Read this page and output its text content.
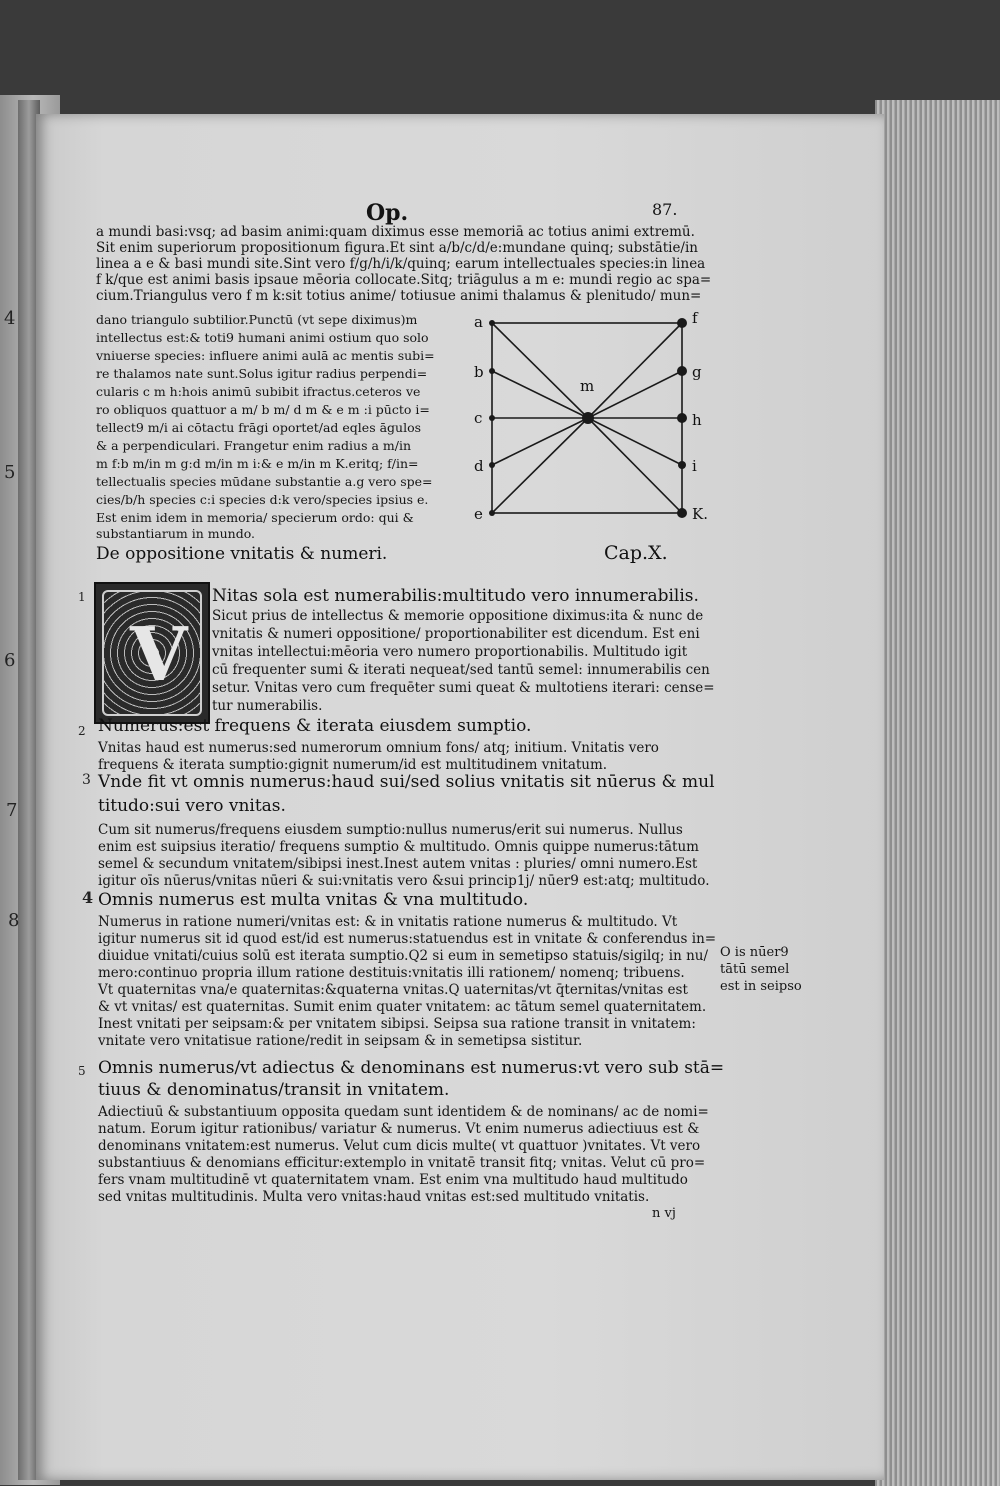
4
5
6
7
8
Op.	87.
a mundi basi:vsq; ad basim animi:quam diximus esse memoriā ac totius animi extremū.
Sit enim superiorum propositionum figura.Et sint a/b/c/d/e:mundane quinq; substātie/in
linea a e & basi mundi site.Sint vero f/g/h/i/k/quinq; earum intellectuales species:in linea
f k/que est animi basis ipsaue mēoria collocate.Sitq; triāgulus a m e: mundi regio ac spa=
cium.Triangulus vero f m k:sit totius anime/ totiusue animi thalamus & plenitudo/ mun=
dano triangulo subtilior.Punctū (vt sepe diximus)m
intellectus est:& toti9 humani animi ostium quo solo
vniuerse species: influere animi aulā ac mentis subi=
re thalamos nate sunt.Solus igitur radius perpendi=
cularis c m h:hois animū subibit ifractus.ceteros ve
ro obliquos quattuor a m/ b m/ d m & e m :i pūcto i=
tellect9 m/i ai cōtactu frāgi oportet/ad eqles āgulos
& a perpendiculari. Frangetur enim radius a m/in
m f:b m/in m g:d m/in m i:& e m/in m K.eritq; f/in=
tellectualis species mūdane substantie a.g vero spe=
cies/b/h species c:i species d:k vero/species ipsius e.
Est enim idem in memoria/ specierum ordo: qui &
substantiarum in mundo.
a
b
c
d
e
f
g
h
i
K.
m
De oppositione vnitatis & numeri.	Cap.X.
V
1	Nitas sola est numerabilis:multitudo vero innumerabilis.
Sicut prius de intellectus & memorie oppositione diximus:ita & nunc de
vnitatis & numeri oppositione/ proportionabiliter est dicendum. Est eni
vnitas intellectui:mēoria vero numero proportionabilis. Multitudo igit
cū frequenter sumi & iterati nequeat/sed tantū semel: innumerabilis cen
setur. Vnitas vero cum frequēter sumi queat & multotiens iterari: cense=
tur numerabilis.
2 Numerus:est frequens & iterata eiusdem sumptio.
Vnitas haud est numerus:sed numerorum omnium fons/ atq; initium. Vnitatis vero
frequens & iterata sumptio:gignit numerum/id est multitudinem vnitatum.
3 Vnde fit vt omnis numerus:haud sui/sed solius vnitatis sit nūerus & mul
titudo:sui vero vnitas.
Cum sit numerus/frequens eiusdem sumptio:nullus numerus/erit sui numerus. Nullus
enim est suipsius iteratio/ frequens sumptio & multitudo. Omnis quippe numerus:tātum
semel & secundum vnitatem/sibipsi inest.Inest autem vnitas : pluries/ omni numero.Est
igitur oīs nūerus/vnitas nūeri & sui:vnitatis vero &sui princip1j/ nūer9 est:atq; multitudo.
4 Omnis numerus est multa vnitas & vna multitudo.
Numerus in ratione numeri/vnitas est: & in vnitatis ratione numerus & multitudo. Vt
igitur numerus sit id quod est/id est numerus:statuendus est in vnitate & conferendus in=
diuidue vnitati/cuius solū est iterata sumptio.Q2 si eum in semetipso statuis/sigilq; in nu/
mero:continuo propria illum ratione destituis:vnitatis illi rationem/ nomenq; tribuens.
Vt quaternitas vna/e quaternitas:&quaterna vnitas.Q uaternitas/vt q̄ternitas/vnitas est
& vt vnitas/ est quaternitas. Sumit enim quater vnitatem: ac tātum semel quaternitatem.
Inest vnitati per seipsam:& per vnitatem sibipsi. Seipsa sua ratione transit in vnitatem:
vnitate vero vnitatisue ratione/redit in seipsam & in semetipsa sistitur.
O is nūer9
tātū semel
est in seipso
5 Omnis numerus/vt adiectus & denominans est numerus:vt vero sub stā=
tiuus & denominatus/transit in vnitatem.
Adiectiuū & substantiuum opposita quedam sunt identidem & de nominans/ ac de nomi=
natum. Eorum igitur rationibus/ variatur & numerus. Vt enim numerus adiectiuus est &
denominans vnitatem:est numerus. Velut cum dicis multe( vt quattuor )vnitates. Vt vero
substantiuus & denomians efficitur:extemplo in vnitatē transit fitq; vnitas. Velut cū pro=
fers vnam multitudinē vt quaternitatem vnam. Est enim vna multitudo haud multitudo
sed vnitas multitudinis. Multa vero vnitas:haud vnitas est:sed multitudo vnitatis.
n vj
